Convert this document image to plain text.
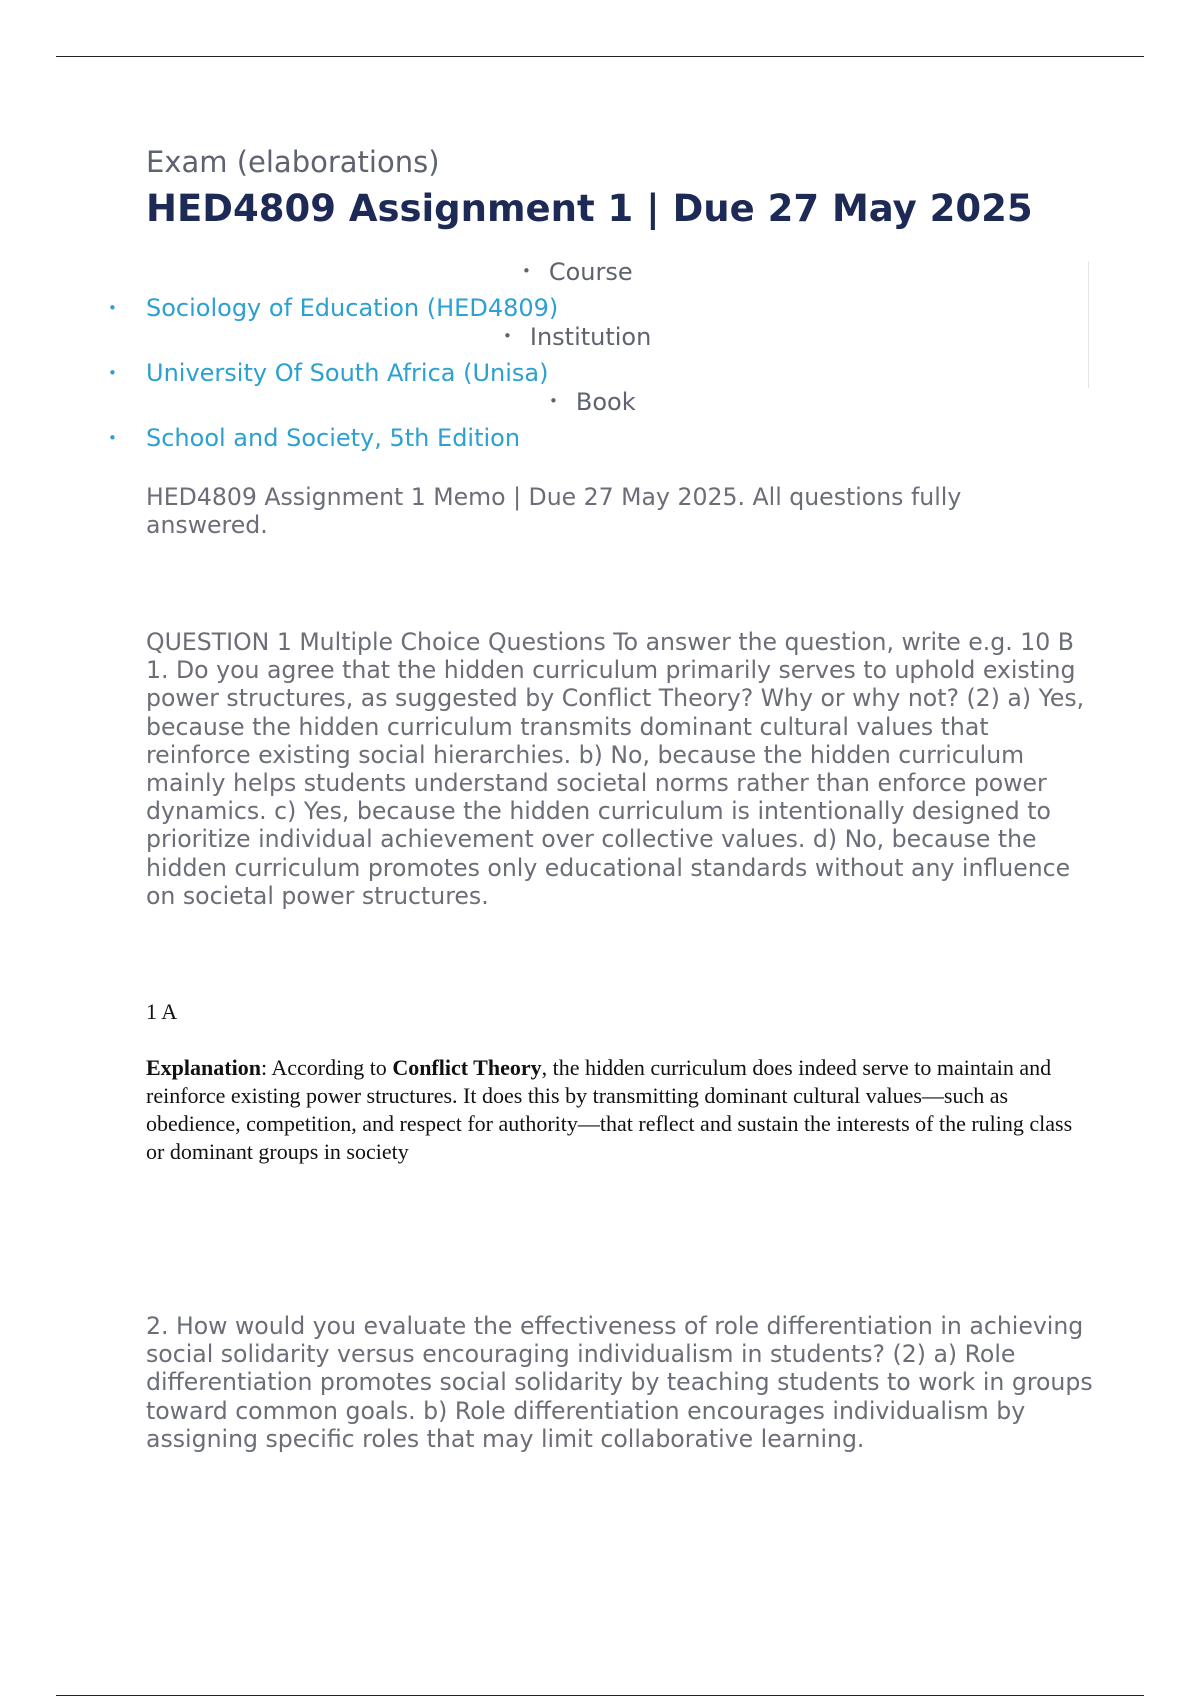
Exam (elaborations)
HED4809 Assignment 1 | Due 27 May 2025
• Course
• Sociology of Education (HED4809)
• Institution
• University Of South Africa (Unisa)
• Book
• School and Society, 5th Edition
HED4809 Assignment 1 Memo | Due 27 May 2025. All questions fully answered.
QUESTION 1 Multiple Choice Questions To answer the question, write e.g. 10 B 1. Do you agree that the hidden curriculum primarily serves to uphold existing power structures, as suggested by Conflict Theory? Why or why not? (2) a) Yes, because the hidden curriculum transmits dominant cultural values that reinforce existing social hierarchies. b) No, because the hidden curriculum mainly helps students understand societal norms rather than enforce power dynamics. c) Yes, because the hidden curriculum is intentionally designed to prioritize individual achievement over collective values. d) No, because the hidden curriculum promotes only educational standards without any influence on societal power structures.
1 A
Explanation: According to Conflict Theory, the hidden curriculum does indeed serve to maintain and reinforce existing power structures. It does this by transmitting dominant cultural values—such as obedience, competition, and respect for authority—that reflect and sustain the interests of the ruling class or dominant groups in society
2. How would you evaluate the effectiveness of role differentiation in achieving social solidarity versus encouraging individualism in students? (2) a) Role differentiation promotes social solidarity by teaching students to work in groups toward common goals. b) Role differentiation encourages individualism by assigning specific roles that may limit collaborative learning.
